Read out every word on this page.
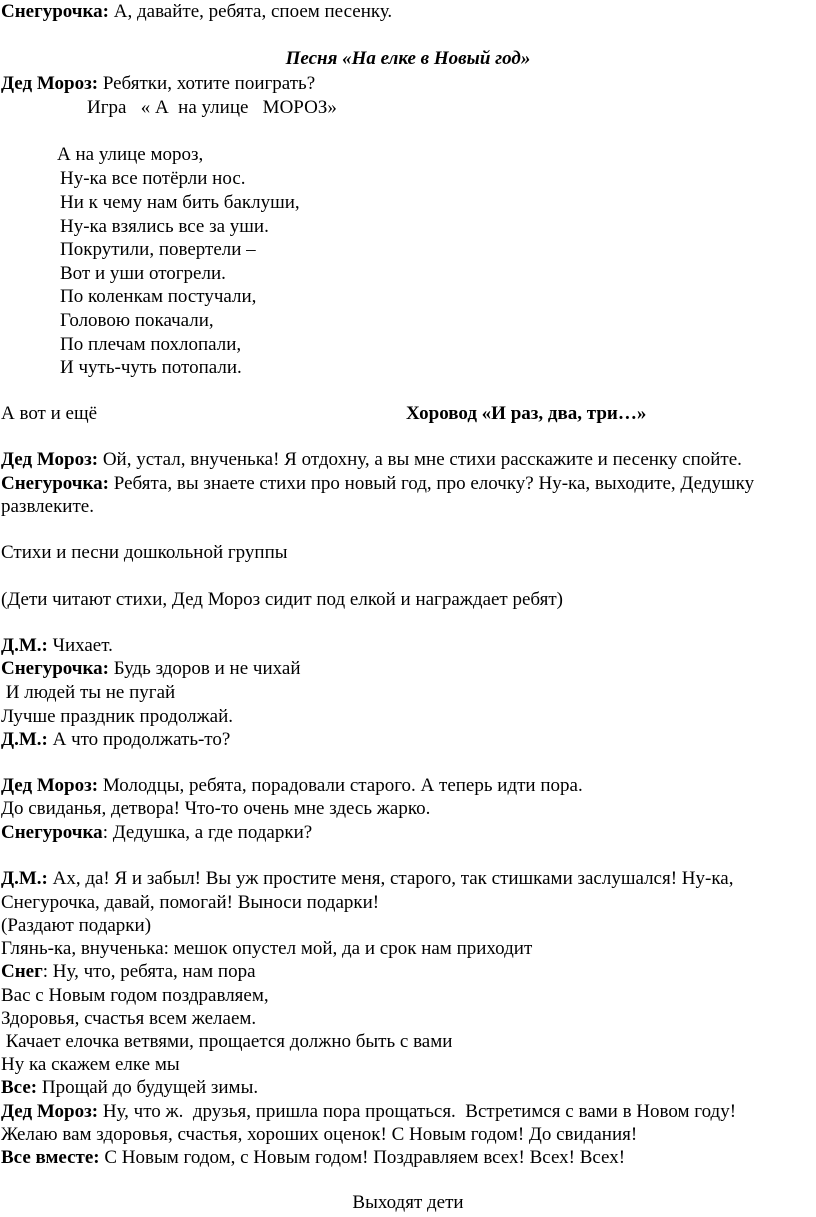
Снегурочка: А, давайте, ребята, споем песенку.
Песня «На елке в Новый год»
Дед Мороз: Ребятки, хотите поиграть?
Игра   « А  на улице   МОРОЗ»
А на улице мороз,
Ну-ка все потёрли нос.
Ни к чему нам бить баклуши,
Ну-ка взялись все за уши.
Покрутили, повертели –
Вот и уши отогрели.
По коленкам постучали,
Головою покачали,
По плечам похлопали,
И чуть-чуть потопали.
А вот и ещё	Хоровод «И раз, два, три…»
Дед Мороз: Ой, устал, внученька! Я отдохну, а вы мне стихи расскажите и песенку спойте.
Снегурочка: Ребята, вы знаете стихи про новый год, про елочку? Ну-ка, выходите, Дедушку
развлеките.
Стихи и песни дошкольной группы
(Дети читают стихи, Дед Мороз сидит под елкой и награждает ребят)
Д.М.: Чихает.
Снегурочка: Будь здоров и не чихай
И людей ты не пугай
Лучше праздник продолжай.
Д.М.: А что продолжать-то?
Дед Мороз: Молодцы, ребята, порадовали старого. А теперь идти пора.
До свиданья, детвора! Что-то очень мне здесь жарко.
Снегурочка: Дедушка, а где подарки?
Д.М.: Ах, да! Я и забыл! Вы уж простите меня, старого, так стишками заслушался! Ну-ка,
Снегурочка, давай, помогай! Выноси подарки!
(Раздают подарки)
Глянь-ка, внученька: мешок опустел мой, да и срок нам приходит
Снег: Ну, что, ребята, нам пора
Вас с Новым годом поздравляем,
Здоровья, счастья всем желаем.
Качает елочка ветвями, прощается должно быть с вами
Ну ка скажем елке мы
Все: Прощай до будущей зимы.
Дед Мороз: Ну, что ж.  друзья, пришла пора прощаться.  Встретимся с вами в Новом году!
Желаю вам здоровья, счастья, хороших оценок! С Новым годом! До свидания!
Все вместе: С Новым годом, с Новым годом! Поздравляем всех! Всех! Всех!
Выходят дети
